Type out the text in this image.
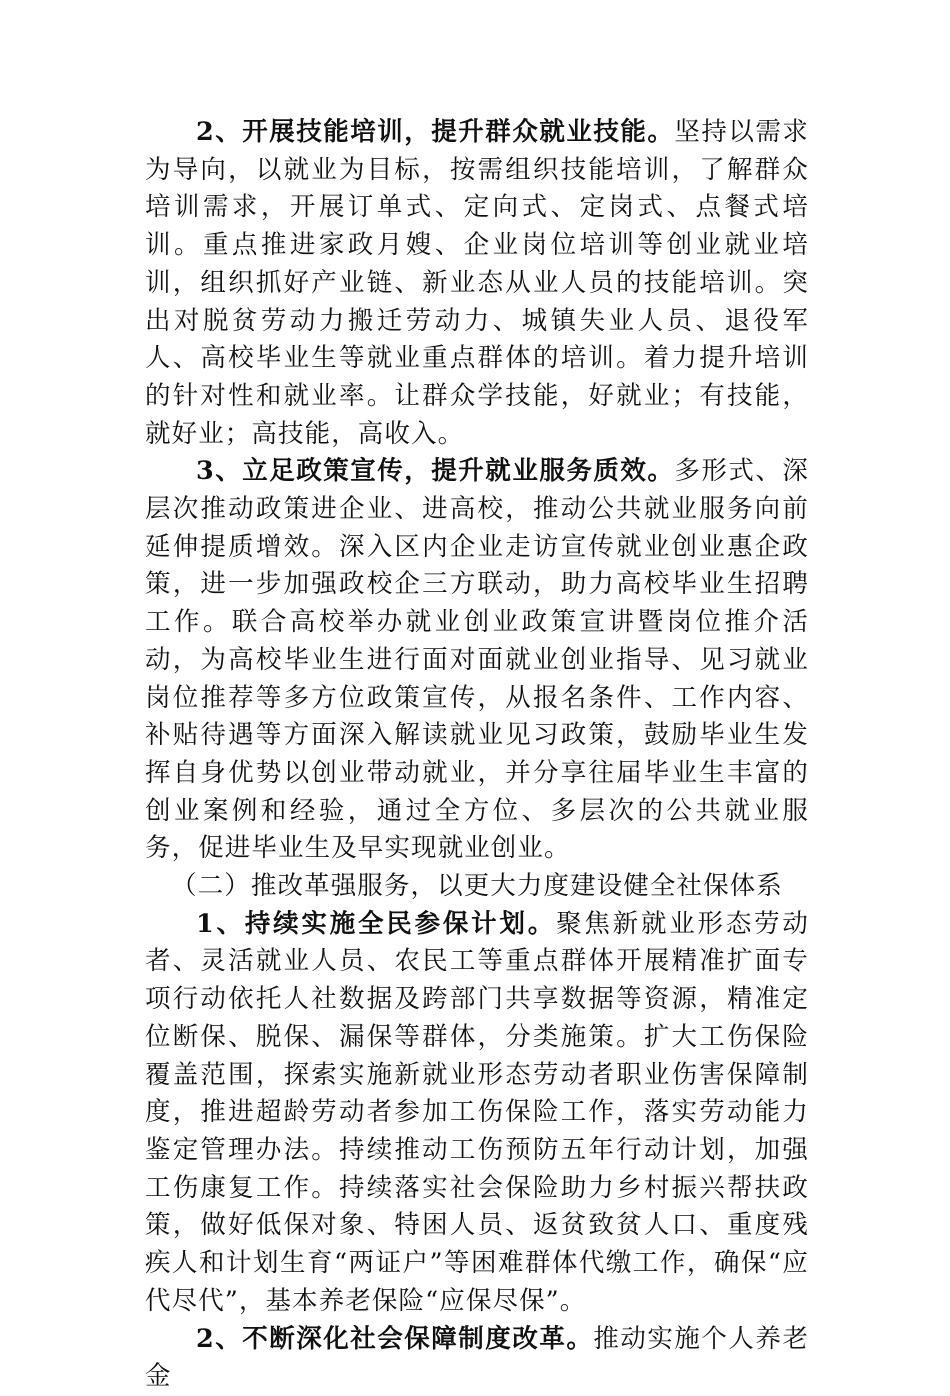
2、开展技能培训，提升群众就业技能。坚持以需求为导向，以就业为目标，按需组织技能培训，了解群众培训需求，开展订单式、定向式、定岗式、点餐式培训。重点推进家政月嫂、企业岗位培训等创业就业培训，组织抓好产业链、新业态从业人员的技能培训。突出对脱贫劳动力搬迁劳动力、城镇失业人员、退役军人、高校毕业生等就业重点群体的培训。着力提升培训的针对性和就业率。让群众学技能，好就业；有技能，就好业；高技能，高收入。

3、立足政策宣传，提升就业服务质效。多形式、深层次推动政策进企业、进高校，推动公共就业服务向前延伸提质增效。深入区内企业走访宣传就业创业惠企政策，进一步加强政校企三方联动，助力高校毕业生招聘工作。联合高校举办就业创业政策宣讲暨岗位推介活动，为高校毕业生进行面对面就业创业指导、见习就业岗位推荐等多方位政策宣传，从报名条件、工作内容、补贴待遇等方面深入解读就业见习政策，鼓励毕业生发挥自身优势以创业带动就业，并分享往届毕业生丰富的创业案例和经验，通过全方位、多层次的公共就业服务，促进毕业生及早实现就业创业。

（二）推改革强服务，以更大力度建设健全社保体系

1、持续实施全民参保计划。聚焦新就业形态劳动者、灵活就业人员、农民工等重点群体开展精准扩面专项行动依托人社数据及跨部门共享数据等资源，精准定位断保、脱保、漏保等群体，分类施策。扩大工伤保险覆盖范围，探索实施新就业形态劳动者职业伤害保障制度，推进超龄劳动者参加工伤保险工作，落实劳动能力鉴定管理办法。持续推动工伤预防五年行动计划，加强工伤康复工作。持续落实社会保险助力乡村振兴帮扶政策，做好低保对象、特困人员、返贫致贫人口、重度残疾人和计划生育“两证户”等困难群体代缴工作，确保“应代尽代”，基本养老保险“应保尽保”。

2、不断深化社会保障制度改革。推动实施个人养老金
